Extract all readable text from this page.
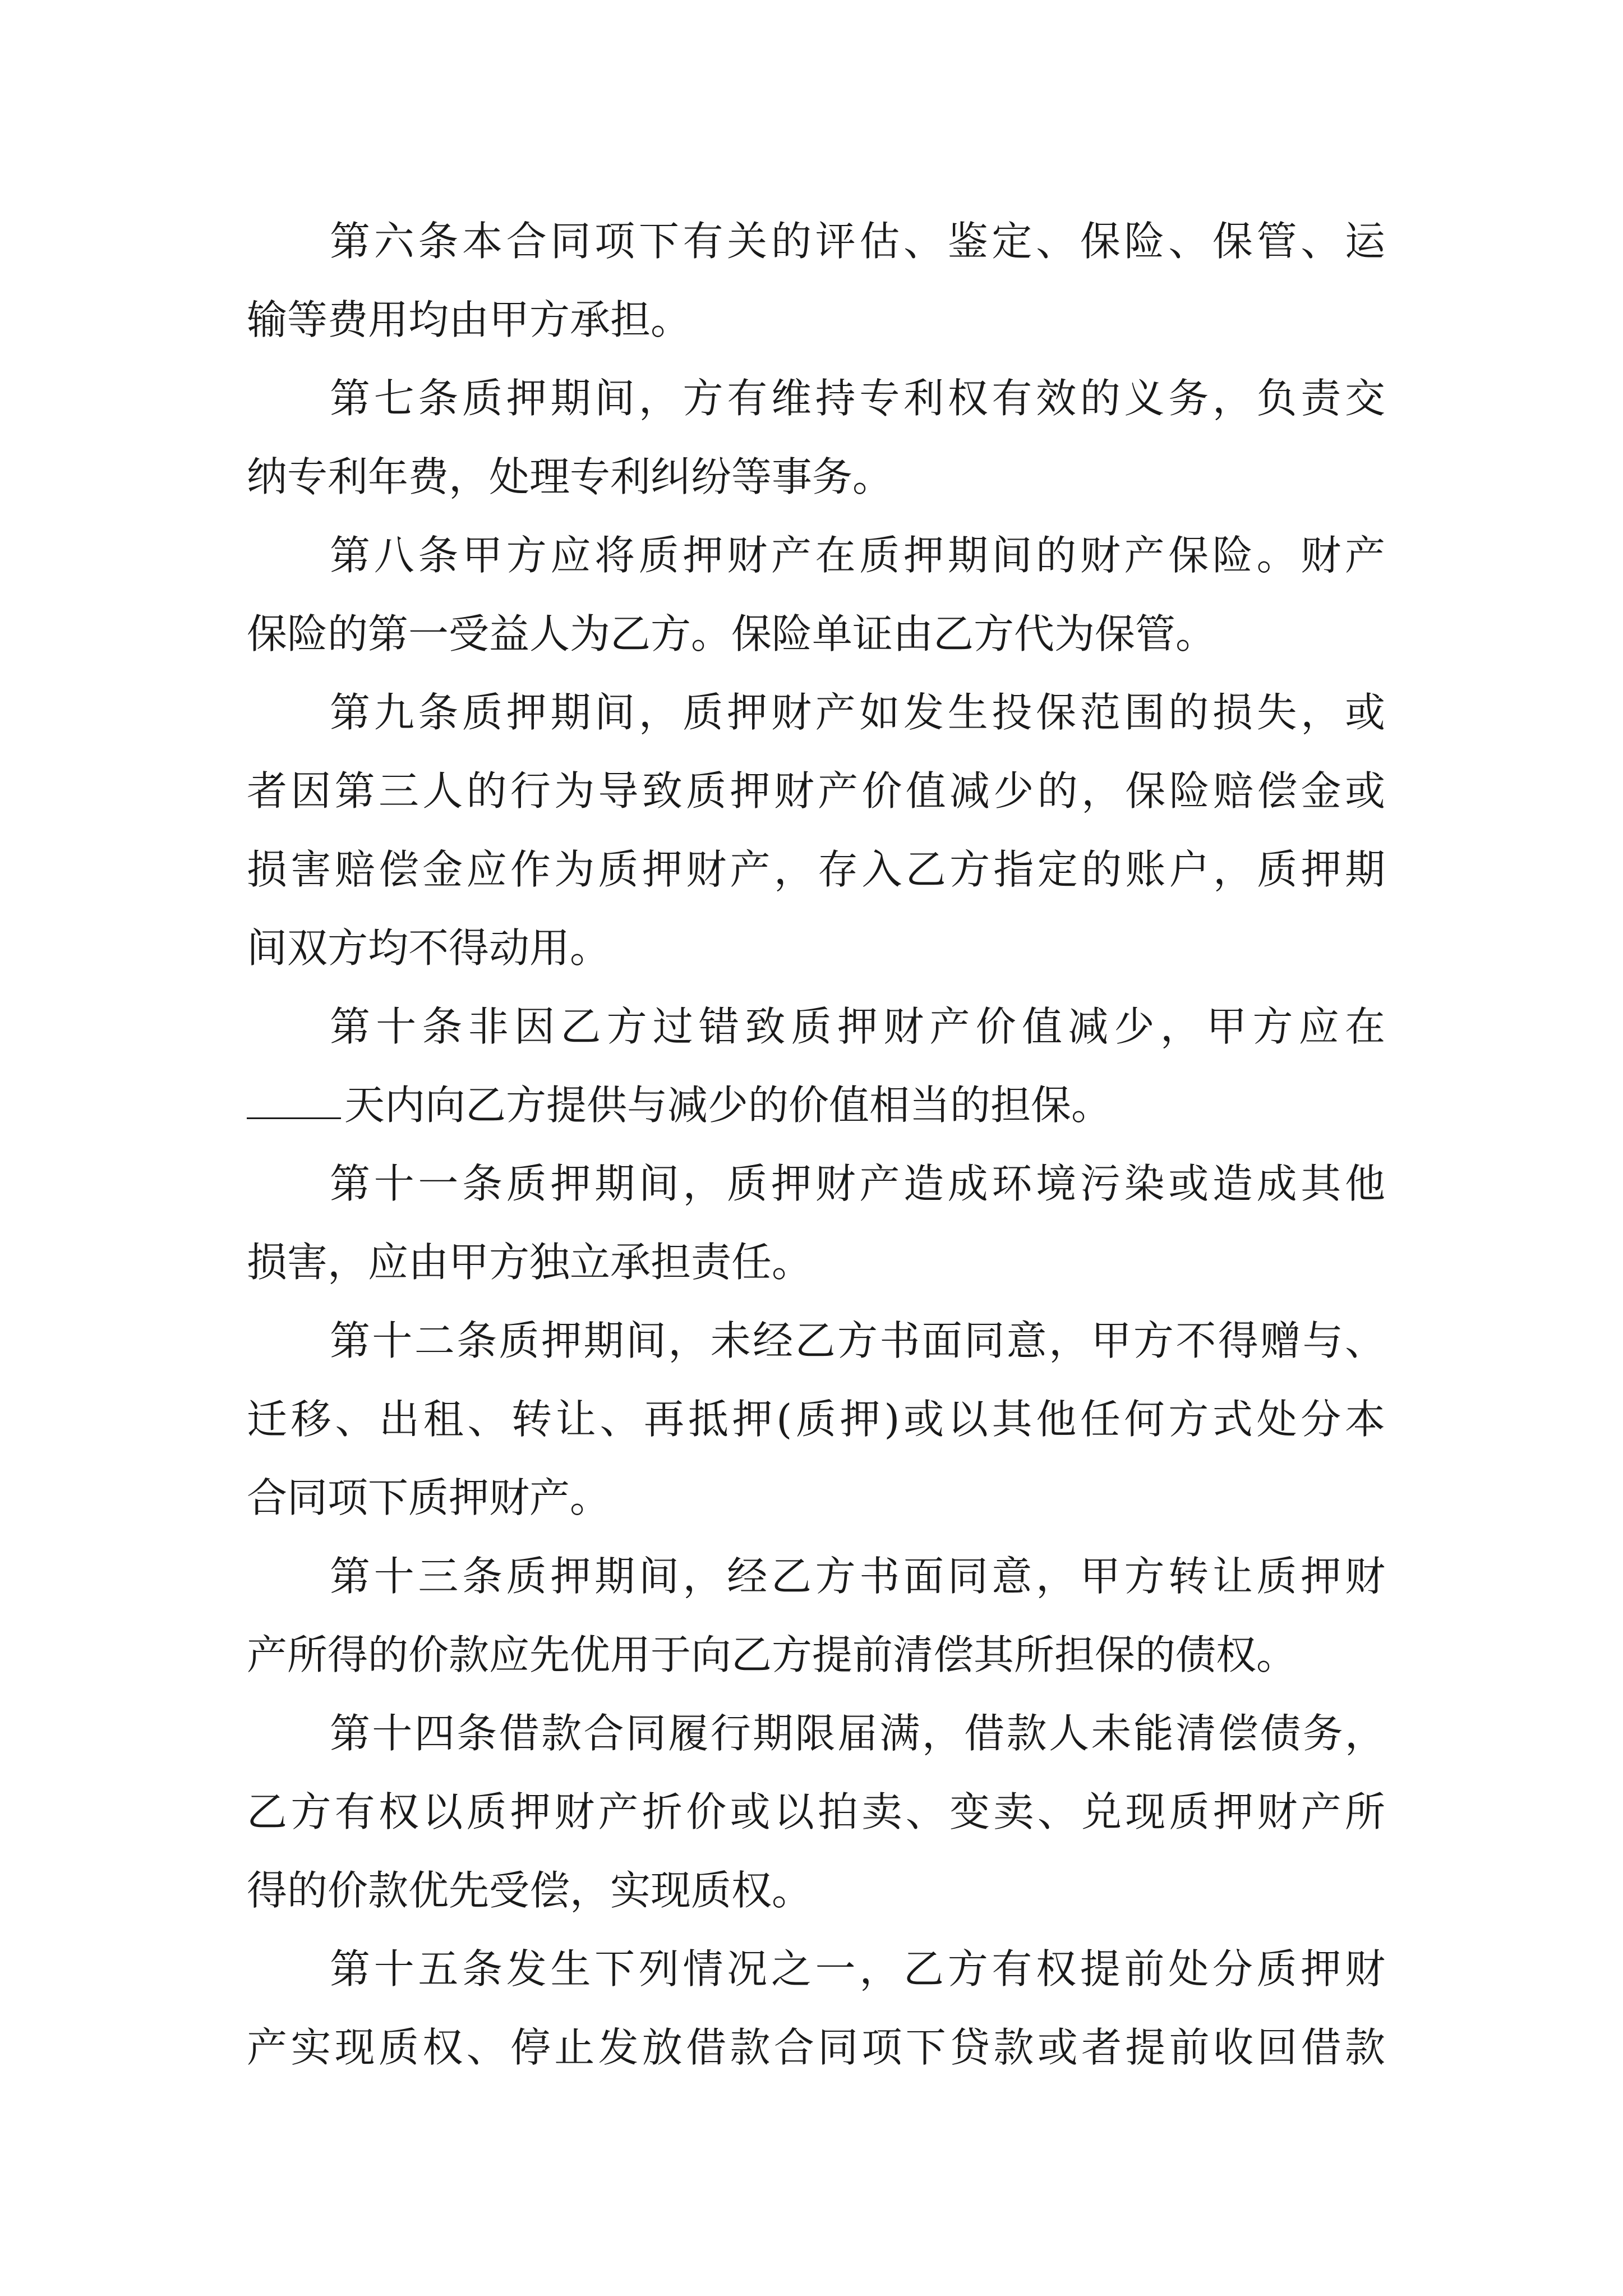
第六条本合同项下有关的评估、鉴定、保险、保管、运
输等费用均由甲方承担。
第七条质押期间，方有维持专利权有效的义务，负责交
纳专利年费，处理专利纠纷等事务。
第八条甲方应将质押财产在质押期间的财产保险。财产
保险的第一受益人为乙方。保险单证由乙方代为保管。
第九条质押期间，质押财产如发生投保范围的损失，或
者因第三人的行为导致质押财产价值减少的，保险赔偿金或
损害赔偿金应作为质押财产，存入乙方指定的账户，质押期
间双方均不得动用。
第十条非因乙方过错致质押财产价值减少，甲方应在
天内向乙方提供与减少的价值相当的担保。
第十一条质押期间，质押财产造成环境污染或造成其他
损害，应由甲方独立承担责任。
第十二条质押期间，未经乙方书面同意，甲方不得赠与、
迁移、出租、转让、再抵押(质押)或以其他任何方式处分本
合同项下质押财产。
第十三条质押期间，经乙方书面同意，甲方转让质押财
产所得的价款应先优用于向乙方提前清偿其所担保的债权。
第十四条借款合同履行期限届满，借款人未能清偿债务，
乙方有权以质押财产折价或以拍卖、变卖、兑现质押财产所
得的价款优先受偿，实现质权。
第十五条发生下列情况之一，乙方有权提前处分质押财
产实现质权、停止发放借款合同项下贷款或者提前收回借款
